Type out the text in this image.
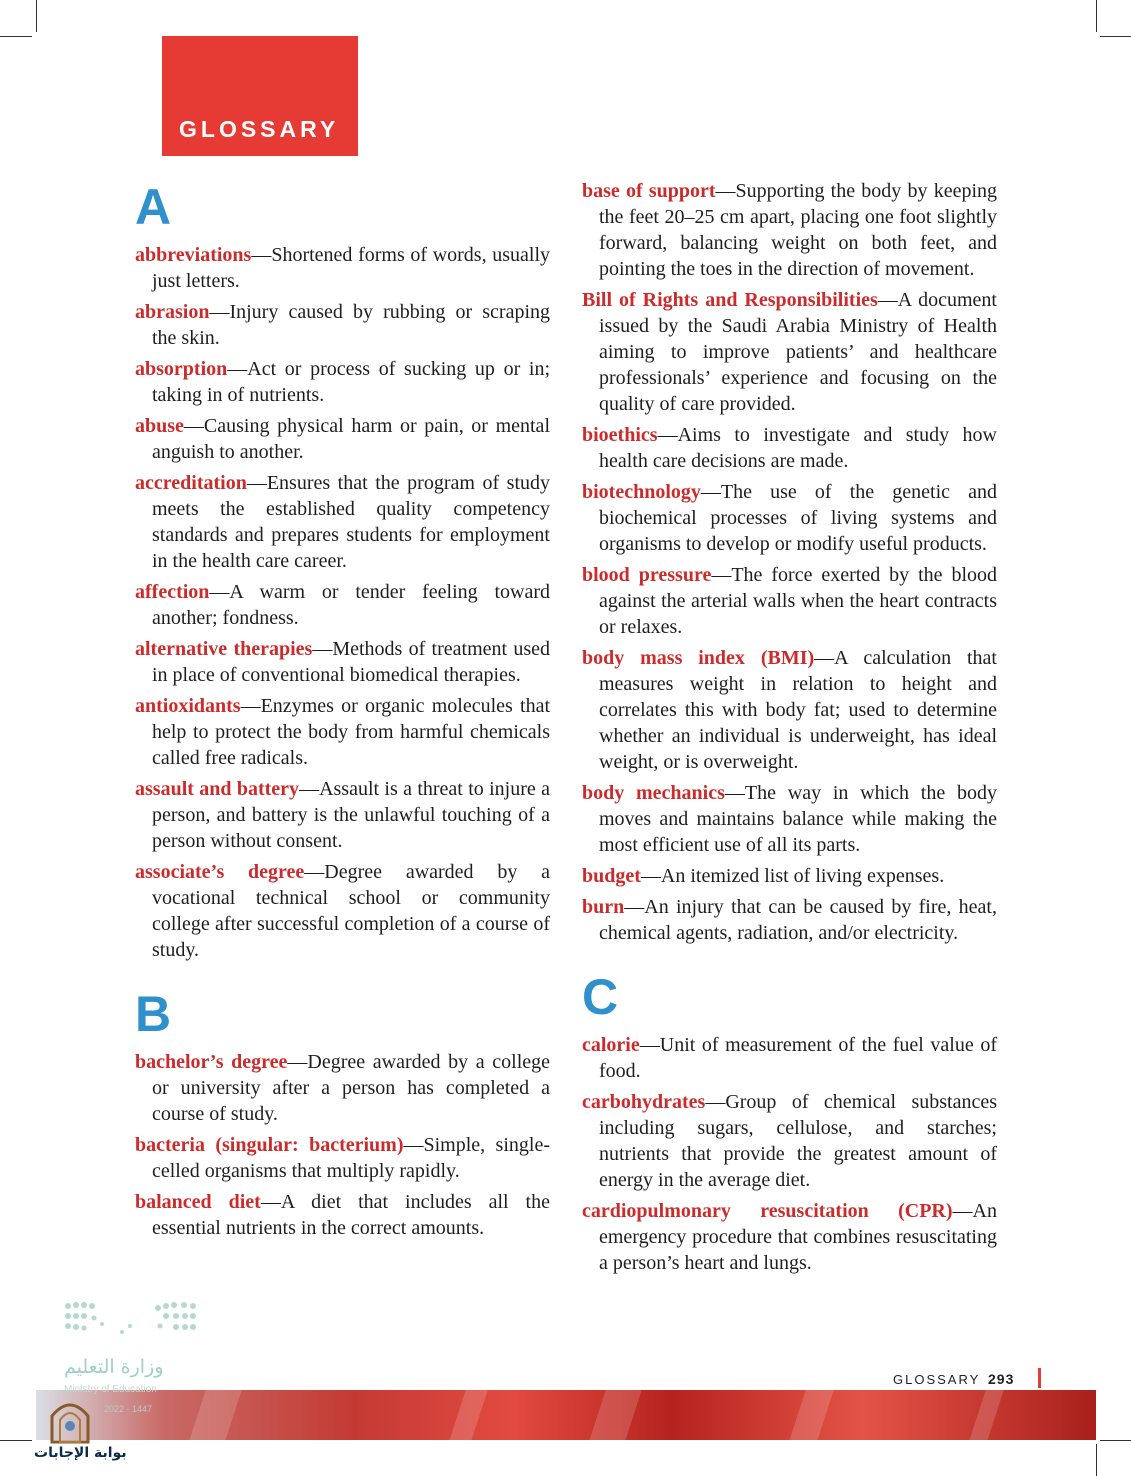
GLOSSARY
A

abbreviations—Shortened forms of words, usually just letters.

abrasion—Injury caused by rubbing or scraping the skin.

absorption—Act or process of sucking up or in; taking in of nutrients.

abuse—Causing physical harm or pain, or mental anguish to another.

accreditation—Ensures that the program of study meets the established quality competency standards and prepares students for employment in the health care career.

affection—A warm or tender feeling toward another; fondness.

alternative therapies—Methods of treatment used in place of conventional biomedical therapies.

antioxidants—Enzymes or organic molecules that help to protect the body from harmful chemicals called free radicals.

assault and battery—Assault is a threat to injure a person, and battery is the unlawful touching of a person without consent.

associate’s degree—Degree awarded by a vocational technical school or community college after successful completion of a course of study.

B

bachelor’s degree—Degree awarded by a college or university after a person has completed a course of study.

bacteria (singular: bacterium)—Simple, single-celled organisms that multiply rapidly.

balanced diet—A diet that includes all the essential nutrients in the correct amounts.

base of support—Supporting the body by keeping the feet 20–25 cm apart, placing one foot slightly forward, balancing weight on both feet, and pointing the toes in the direction of movement.

Bill of Rights and Responsibilities—A document issued by the Saudi Arabia Ministry of Health aiming to improve patients’ and healthcare professionals’ experience and focusing on the quality of care provided.

bioethics—Aims to investigate and study how health care decisions are made.

biotechnology—The use of the genetic and biochemical processes of living systems and organisms to develop or modify useful products.

blood pressure—The force exerted by the blood against the arterial walls when the heart contracts or relaxes.

body mass index (BMI)—A calculation that measures weight in relation to height and correlates this with body fat; used to determine whether an individual is underweight, has ideal weight, or is overweight.

body mechanics—The way in which the body moves and maintains balance while making the most efficient use of all its parts.

budget—An itemized list of living expenses.

burn—An injury that can be caused by fire, heat, chemical agents, radiation, and/or electricity.

C

calorie—Unit of measurement of the fuel value of food.

carbohydrates—Group of chemical substances including sugars, cellulose, and starches; nutrients that provide the greatest amount of energy in the average diet.

cardiopulmonary resuscitation (CPR)—An emergency procedure that combines resuscitating a person’s heart and lungs.

GLOSSARY 293
وزارة التعليم
Ministry of Education
2022 - 1447
بوابة الإجابات
